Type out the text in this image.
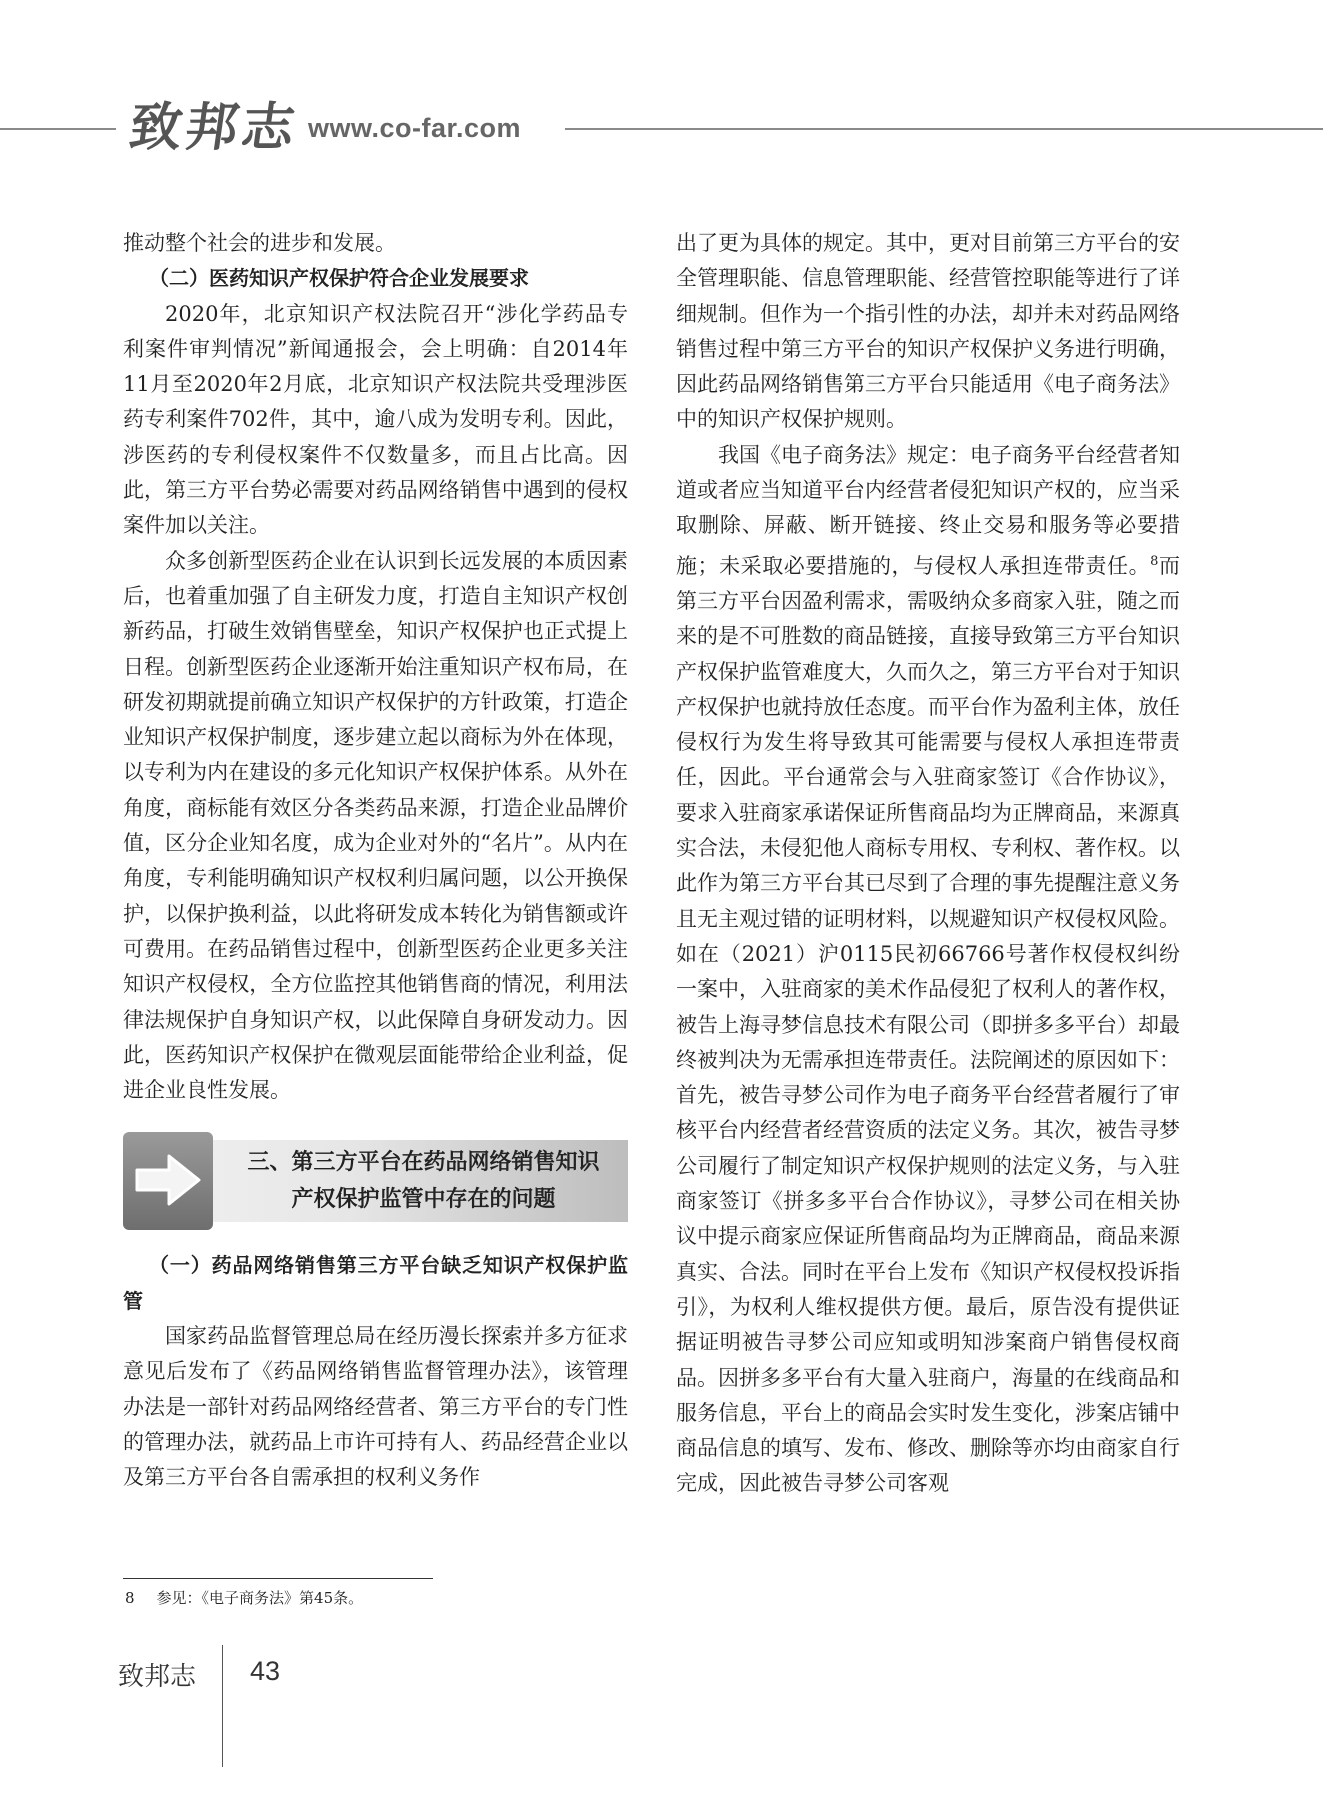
致邦志 www.co-far.com

推动整个社会的进步和发展。

（二）医药知识产权保护符合企业发展要求

2020年，北京知识产权法院召开“涉化学药品专利案件审判情况”新闻通报会，会上明确：自2014年11月至2020年2月底，北京知识产权法院共受理涉医药专利案件702件，其中，逾八成为发明专利。因此，涉医药的专利侵权案件不仅数量多，而且占比高。因此，第三方平台势必需要对药品网络销售中遇到的侵权案件加以关注。

众多创新型医药企业在认识到长远发展的本质因素后，也着重加强了自主研发力度，打造自主知识产权创新药品，打破生效销售壁垒，知识产权保护也正式提上日程。创新型医药企业逐渐开始注重知识产权布局，在研发初期就提前确立知识产权保护的方针政策，打造企业知识产权保护制度，逐步建立起以商标为外在体现，以专利为内在建设的多元化知识产权保护体系。从外在角度，商标能有效区分各类药品来源，打造企业品牌价值，区分企业知名度，成为企业对外的“名片”。从内在角度，专利能明确知识产权权利归属问题，以公开换保护，以保护换利益，以此将研发成本转化为销售额或许可费用。在药品销售过程中，创新型医药企业更多关注知识产权侵权，全方位监控其他销售商的情况，利用法律法规保护自身知识产权，以此保障自身研发动力。因此，医药知识产权保护在微观层面能带给企业利益，促进企业良性发展。

三、第三方平台在药品网络销售知识
产权保护监管中存在的问题

（一）药品网络销售第三方平台缺乏知识产权保护监管

国家药品监督管理总局在经历漫长探索并多方征求意见后发布了《药品网络销售监督管理办法》，该管理办法是一部针对药品网络经营者、第三方平台的专门性的管理办法，就药品上市许可持有人、药品经营企业以及第三方平台各自需承担的权利义务作

出了更为具体的规定。其中，更对目前第三方平台的安全管理职能、信息管理职能、经营管控职能等进行了详细规制。但作为一个指引性的办法，却并未对药品网络销售过程中第三方平台的知识产权保护义务进行明确，因此药品网络销售第三方平台只能适用《电子商务法》中的知识产权保护规则。

我国《电子商务法》规定：电子商务平台经营者知道或者应当知道平台内经营者侵犯知识产权的，应当采取删除、屏蔽、断开链接、终止交易和服务等必要措施；未采取必要措施的，与侵权人承担连带责任。$^8$而第三方平台因盈利需求，需吸纳众多商家入驻，随之而来的是不可胜数的商品链接，直接导致第三方平台知识产权保护监管难度大，久而久之，第三方平台对于知识产权保护也就持放任态度。而平台作为盈利主体，放任侵权行为发生将导致其可能需要与侵权人承担连带责任，因此。平台通常会与入驻商家签订《合作协议》，要求入驻商家承诺保证所售商品均为正牌商品，来源真实合法，未侵犯他人商标专用权、专利权、著作权。以此作为第三方平台其已尽到了合理的事先提醒注意义务且无主观过错的证明材料，以规避知识产权侵权风险。如在（2021）沪0115民初66766号著作权侵权纠纷一案中，入驻商家的美术作品侵犯了权利人的著作权，被告上海寻梦信息技术有限公司（即拼多多平台）却最终被判决为无需承担连带责任。法院阐述的原因如下：首先，被告寻梦公司作为电子商务平台经营者履行了审核平台内经营者经营资质的法定义务。其次，被告寻梦公司履行了制定知识产权保护规则的法定义务，与入驻商家签订《拼多多平台合作协议》，寻梦公司在相关协议中提示商家应保证所售商品均为正牌商品，商品来源真实、合法。同时在平台上发布《知识产权侵权投诉指引》，为权利人维权提供方便。最后，原告没有提供证据证明被告寻梦公司应知或明知涉案商户销售侵权商品。因拼多多平台有大量入驻商户，海量的在线商品和服务信息，平台上的商品会实时发生变化，涉案店铺中商品信息的填写、发布、修改、删除等亦均由商家自行完成，因此被告寻梦公司客观

8 参见：《电子商务法》第45条。
致邦志 43
